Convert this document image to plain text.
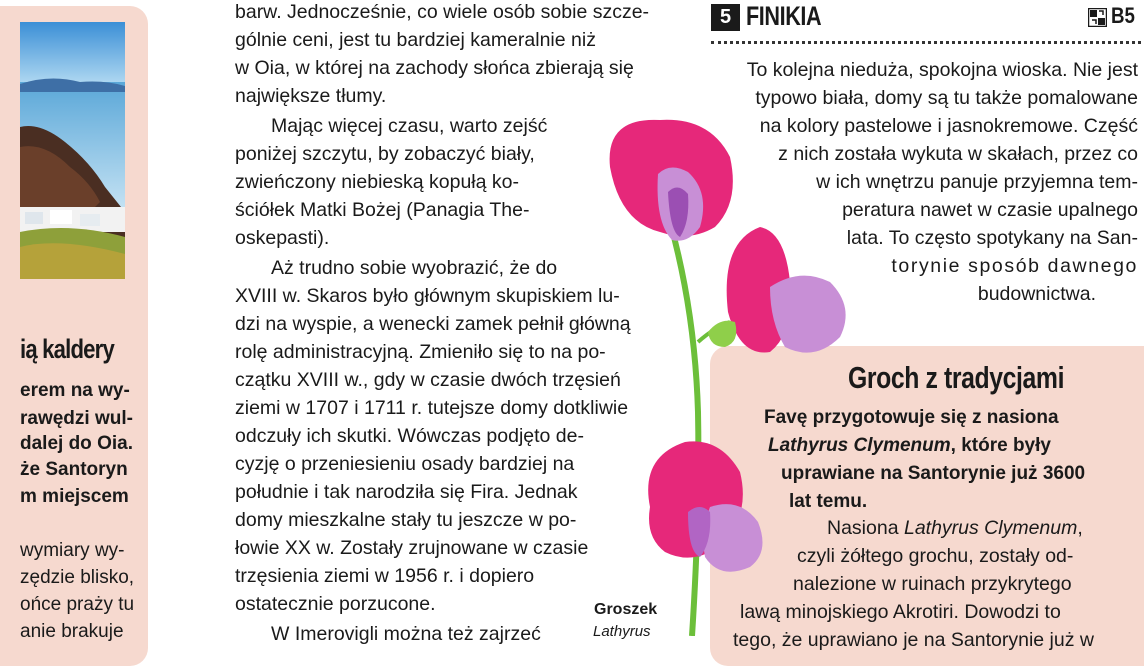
ią kaldery
erem na wy-
rawędzi wul-
dalej do Oia.
że Santoryn
m miejscem
wymiary wy-
zędzie blisko,
ońce praży tu
anie brakuje
barw. Jednocześnie, co wiele osób sobie szcze-
gólnie ceni, jest tu bardziej kameralnie niż
w Oia, w której na zachody słońca zbierają się
największe tłumy.
Mając więcej czasu, warto zejść
poniżej szczytu, by zobaczyć biały,
zwieńczony niebieską kopułą ko-
ściółek Matki Bożej (Panagia The-
oskepasti).
Aż trudno sobie wyobrazić, że do
XVIII w. Skaros było głównym skupiskiem lu-
dzi na wyspie, a wenecki zamek pełnił główną
rolę administracyjną. Zmieniło się to na po-
czątku XVIII w., gdy w czasie dwóch trzęsień
ziemi w 1707 i 1711 r. tutejsze domy dotkliwie
odczuły ich skutki. Wówczas podjęto de-
cyzję o przeniesieniu osady bardziej na
południe i tak narodziła się Fira. Jednak
domy mieszkalne stały tu jeszcze w po-
łowie XX w. Zostały zrujnowane w czasie
trzęsienia ziemi w 1956 r. i dopiero
ostatecznie porzucone.
W Imerovigli można też zajrzeć
Groszek
Lathyrus
5 FINIKIA	B5
To kolejna nieduża, spokojna wioska. Nie jest
typowo biała, domy są tu także pomalowane
na kolory pastelowe i jasnokremowe. Część
z nich została wykuta w skałach, przez co
w ich wnętrzu panuje przyjemna tem-
peratura nawet w czasie upalnego
lata. To często spotykany na San-
torynie sposób dawnego
budownictwa.
Groch z tradycjami
Favę przygotowuje się z nasiona
Lathyrus Clymenum, które były
uprawiane na Santorynie już 3600
lat temu.
Nasiona Lathyrus Clymenum,
czyli żółtego grochu, zostały od-
nalezione w ruinach przykrytego
lawą minojskiego Akrotiri. Dowodzi to
tego, że uprawiano je na Santorynie już w
